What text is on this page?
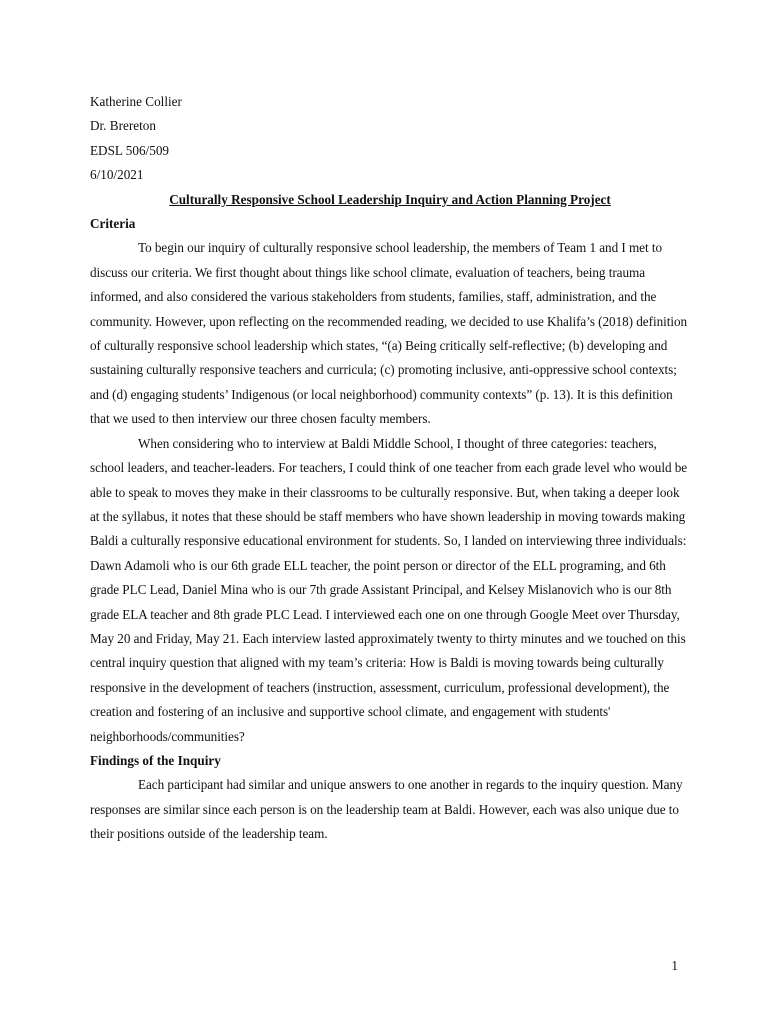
Katherine Collier
Dr. Brereton
EDSL 506/509
6/10/2021
Culturally Responsive School Leadership Inquiry and Action Planning Project
Criteria

To begin our inquiry of culturally responsive school leadership, the members of Team 1 and I met to discuss our criteria. We first thought about things like school climate, evaluation of teachers, being trauma informed, and also considered the various stakeholders from students, families, staff, administration, and the community. However, upon reflecting on the recommended reading, we decided to use Khalifa’s (2018) definition of culturally responsive school leadership which states, “(a) Being critically self-reflective; (b) developing and sustaining culturally responsive teachers and curricula; (c) promoting inclusive, anti-oppressive school contexts; and (d) engaging students’ Indigenous (or local neighborhood) community contexts” (p. 13). It is this definition that we used to then interview our three chosen faculty members.

When considering who to interview at Baldi Middle School, I thought of three categories: teachers, school leaders, and teacher-leaders. For teachers, I could think of one teacher from each grade level who would be able to speak to moves they make in their classrooms to be culturally responsive. But, when taking a deeper look at the syllabus, it notes that these should be staff members who have shown leadership in moving towards making Baldi a culturally responsive educational environment for students. So, I landed on interviewing three individuals: Dawn Adamoli who is our 6th grade ELL teacher, the point person or director of the ELL programing, and 6th grade PLC Lead, Daniel Mina who is our 7th grade Assistant Principal, and Kelsey Mislanovich who is our 8th grade ELA teacher and 8th grade PLC Lead. I interviewed each one on one through Google Meet over Thursday, May 20 and Friday, May 21. Each interview lasted approximately twenty to thirty minutes and we touched on this central inquiry question that aligned with my team’s criteria: How is Baldi is moving towards being culturally responsive in the development of teachers (instruction, assessment, curriculum, professional development), the creation and fostering of an inclusive and supportive school climate, and engagement with students' neighborhoods/communities?

Findings of the Inquiry

Each participant had similar and unique answers to one another in regards to the inquiry question. Many responses are similar since each person is on the leadership team at Baldi. However, each was also unique due to their positions outside of the leadership team.

1
